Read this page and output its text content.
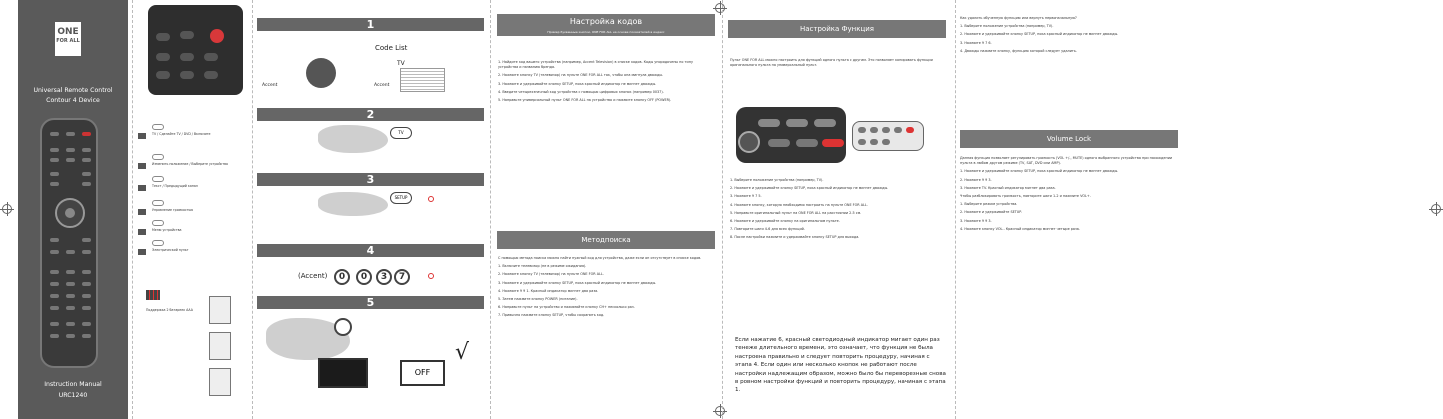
ONE
FOR ALL
Universal Remote Control
Contour 4 Device
Instruction Manual
URC1240
TV / Сделайте TV / DVD / Включите
Изменить положение / Выберите устройство
Текст / Предыдущий канал
Управление громкостью
Меню устройства
Электрический пульт
Поддержка 2 батареек AAA
1
Code List
TV
Accent	Accent
2
TV
3
SETUP
4
(Accent)	0	0	3	7
5
OFF
√
Настройка кодов
Пример буквенные кнопки, ONE FOR ALL на основе показателей в индекс

1. Найдите код вашего устройства (например, Accent Television) в списке кодов. Коды упорядочены по типу устройства и названию бренда.

2. Нажмите кнопку TV (телевизор) на пульте ONE FOR ALL так, чтобы она мигнула дважды.

3. Нажмите и удерживайте кнопку SETUP, пока красный индикатор не мигнет дважды.

4. Введите четырехзначный код устройства с помощью цифровых кнопок (например 0037).

5. Направьте универсальный пульт ONE FOR ALL на устройство и нажмите кнопку OFF (POWER).

Методпоиска

С помощью метода поиска можно найти нужный код для устройства, даже если он отсутствует в списке кодов.

1. Включите телевизор (не в режиме ожидания).

2. Нажмите кнопку TV (телевизор) на пульте ONE FOR ALL.

3. Нажмите и удерживайте кнопку SETUP, пока красный индикатор не мигнет дважды.

4. Нажмите 9 9 1. Красный индикатор мигнет два раза.

5. Затем нажмите кнопку POWER (питание).

6. Направьте пульт на устройство и нажимайте кнопку CH+ несколько раз.

7. Привычно нажмите кнопку SETUP, чтобы сохранить код.

Настройка Функция
Пульт ONE FOR ALL можно настроить для функций одного пульта с другим. Это позволяет копировать функции оригинального пульта на универсальный пульт.

1. Выберите положение устройства (например, TV).

2. Нажмите и удерживайте кнопку SETUP, пока красный индикатор не мигнет дважды.

3. Нажмите 9 7 5.

4. Нажмите кнопку, которую необходимо настроить на пульте ONE FOR ALL.

5. Направьте оригинальный пульт на ONE FOR ALL на расстоянии 2-5 см.

6. Нажмите и удерживайте кнопку на оригинальном пульте.

7. Повторите шаги 4-6 для всех функций.

8. После настройки нажмите и удерживайте кнопку SETUP для выхода.

Если нажатие 6, красный светодиодный индикатор мигает один раз тенеже длительного времени, это означает, что функция не была настроена правильно и следует повторить процедуру, начиная с этапа 4. Если один или несколько кнопок не работают после настройки надлежащим образом, можно было бы переворезные снова в ровном настройки функций и повторить процедуру, начиная с этапа 1.

Как удалить обученную функцию или вернуть первоначальную?

1. Выберите положение устройства (например, TV).

2. Нажмите и удерживайте кнопку SETUP, пока красный индикатор не мигнет дважды.

3. Нажмите 9 7 6.

4. Дважды нажмите кнопку, функцию которой следует удалить.

Volume Lock

Данная функция позволяет регулировать громкость (VOL +/-, MUTE) одного выбранного устройства при нахождении пульта в любом другом режиме (TV, SAT, DVD или AMP).

1. Нажмите и удерживайте кнопку SETUP, пока красный индикатор не мигнет дважды.

2. Нажмите 9 9 3.

3. Нажмите TV. Красный индикатор мигнет два раза.

Чтобы разблокировать громкость, повторите шаги 1-2 и нажмите VOL+.

1. Выберите режим устройства.

2. Нажмите и удерживайте SETUP.

3. Нажмите 9 9 3.

4. Нажмите кнопку VOL-. Красный индикатор мигнет четыре раза.
